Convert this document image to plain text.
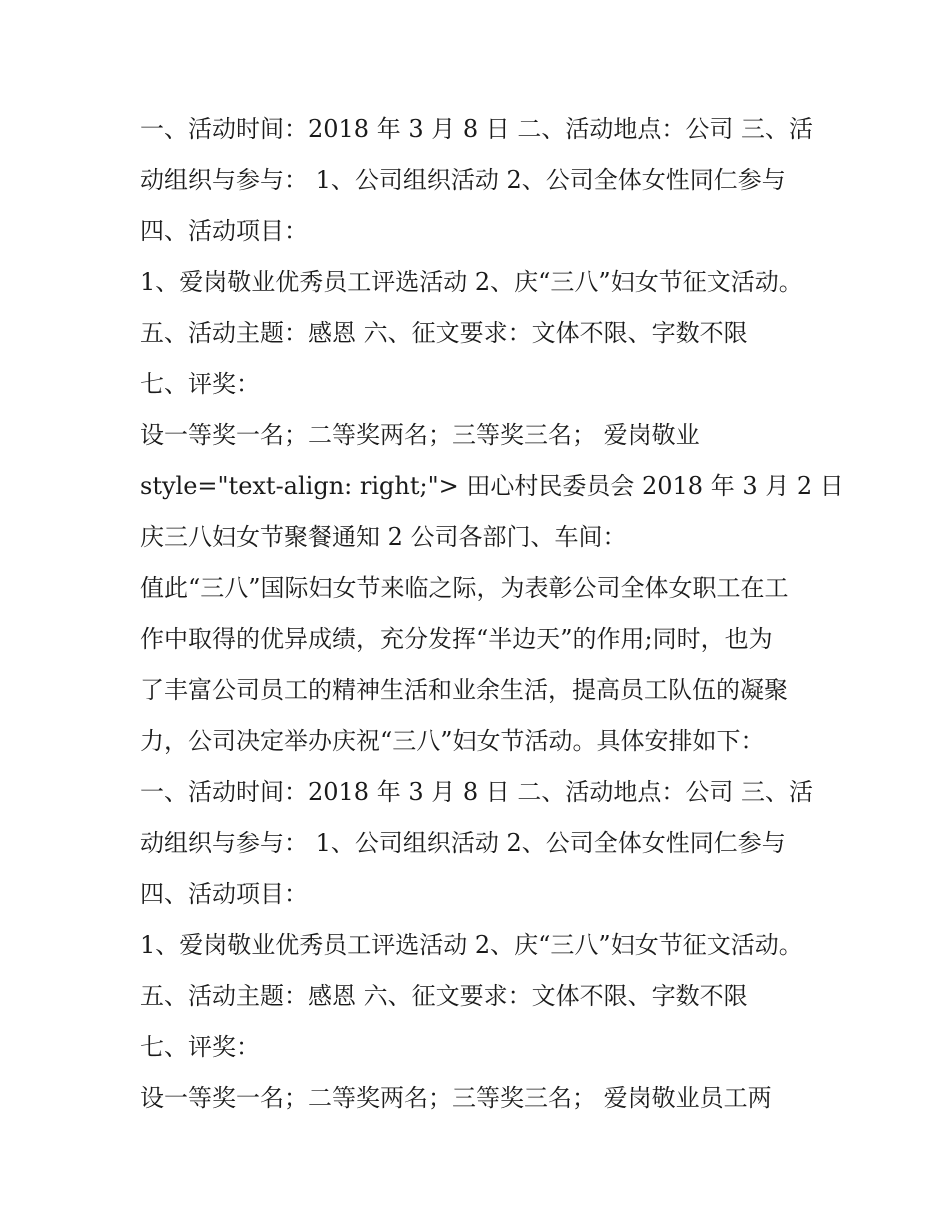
一、活动时间：2018 年 3 月 8 日 二、活动地点：公司 三、活
动组织与参与： 1、公司组织活动 2、公司全体女性同仁参与
四、活动项目：
1、爱岗敬业优秀员工评选活动 2、庆“三八”妇女节征文活动。
五、活动主题：感恩 六、征文要求：文体不限、字数不限
七、评奖：
设一等奖一名；二等奖两名；三等奖三名； 爱岗敬业
style="text-align: right;"> 田心村民委员会 2018 年 3 月 2 日
庆三八妇女节聚餐通知 2 公司各部门、车间：
值此“三八”国际妇女节来临之际，为表彰公司全体女职工在工
作中取得的优异成绩，充分发挥“半边天”的作用;同时，也为
了丰富公司员工的精神生活和业余生活，提高员工队伍的凝聚
力，公司决定举办庆祝“三八”妇女节活动。具体安排如下：
一、活动时间：2018 年 3 月 8 日 二、活动地点：公司 三、活
动组织与参与： 1、公司组织活动 2、公司全体女性同仁参与
四、活动项目：
1、爱岗敬业优秀员工评选活动 2、庆“三八”妇女节征文活动。
五、活动主题：感恩 六、征文要求：文体不限、字数不限
七、评奖：
设一等奖一名；二等奖两名；三等奖三名； 爱岗敬业员工两
